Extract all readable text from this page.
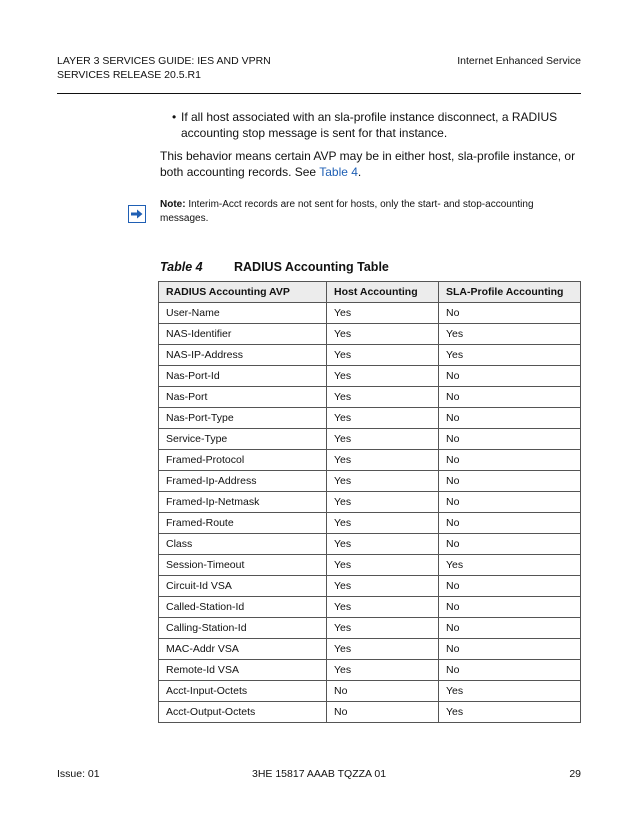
LAYER 3 SERVICES GUIDE: IES AND VPRN
SERVICES RELEASE 20.5.R1
Internet Enhanced Service
• If all host associated with an sla-profile instance disconnect, a RADIUS accounting stop message is sent for that instance.
This behavior means certain AVP may be in either host, sla-profile instance, or both accounting records. See Table 4.
Note: Interim-Acct records are not sent for hosts, only the start- and stop-accounting messages.
Table 4	RADIUS Accounting Table
RADIUS Accounting AVP	Host Accounting	SLA-Profile Accounting
User-Name	Yes	No
NAS-Identifier	Yes	Yes
NAS-IP-Address	Yes	Yes
Nas-Port-Id	Yes	No
Nas-Port	Yes	No
Nas-Port-Type	Yes	No
Service-Type	Yes	No
Framed-Protocol	Yes	No
Framed-Ip-Address	Yes	No
Framed-Ip-Netmask	Yes	No
Framed-Route	Yes	No
Class	Yes	No
Session-Timeout	Yes	Yes
Circuit-Id VSA	Yes	No
Called-Station-Id	Yes	No
Calling-Station-Id	Yes	No
MAC-Addr VSA	Yes	No
Remote-Id VSA	Yes	No
Acct-Input-Octets	No	Yes
Acct-Output-Octets	No	Yes
Issue: 01	3HE 15817 AAAB TQZZA 01	29
